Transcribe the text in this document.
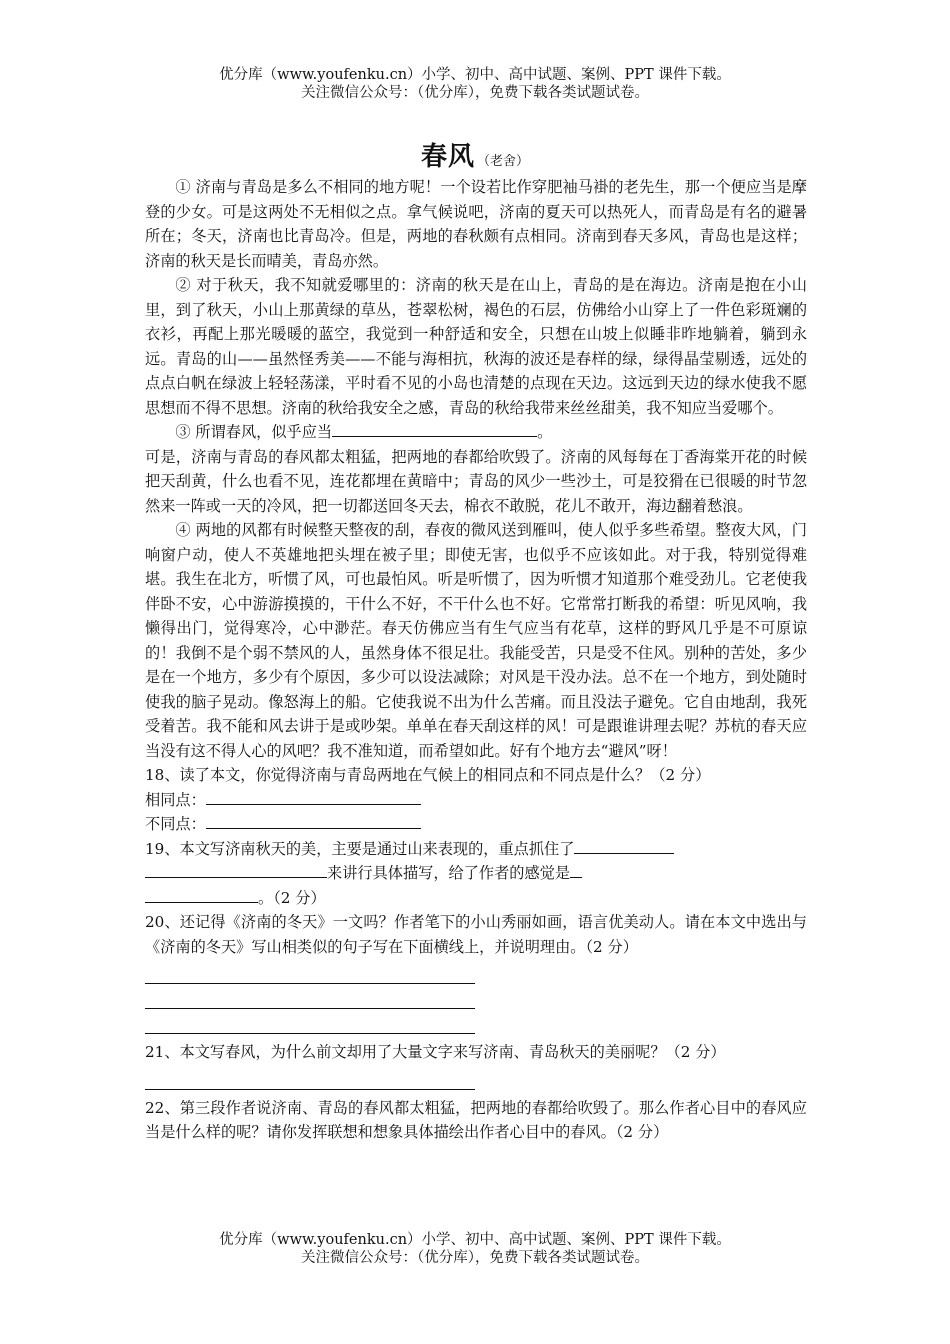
优分库（www.youfenku.cn）小学、初中、高中试题、案例、PPT 课件下载。
关注微信公众号：（优分库），免费下载各类试题试卷。
春风 （老舍）

① 济南与青岛是多么不相同的地方呢！一个设若比作穿肥袖马褂的老先生，那一个便应当是摩登的少女。可是这两处不无相似之点。拿气候说吧，济南的夏天可以热死人，而青岛是有名的避暑所在；冬天，济南也比青岛冷。但是，两地的春秋颇有点相同。济南到春天多风，青岛也是这样；济南的秋天是长而晴美，青岛亦然。

② 对于秋天，我不知就爱哪里的：济南的秋天是在山上，青岛的是在海边。济南是抱在小山里，到了秋天，小山上那黄绿的草丛，苍翠松树，褐色的石层，仿佛给小山穿上了一件色彩斑斓的衣衫，再配上那光暖暖的蓝空，我觉到一种舒适和安全，只想在山坡上似睡非昨地躺着，躺到永远。青岛的山——虽然怪秀美——不能与海相抗，秋海的波还是春样的绿，绿得晶莹剔透，远处的点点白帆在绿波上轻轻荡漾，平时看不见的小岛也清楚的点现在天边。这远到天边的绿水使我不愿思想而不得不思想。济南的秋给我安全之感，青岛的秋给我带来丝丝甜美，我不知应当爱哪个。

③ 所谓春风，似乎应当	。

可是，济南与青岛的春风都太粗猛，把两地的春都给吹毁了。济南的风每每在丁香海棠开花的时候把天刮黄，什么也看不见，连花都埋在黄暗中；青岛的风少一些沙土，可是狡猾在已很暖的时节忽然来一阵或一天的冷风，把一切都送回冬天去，棉衣不敢脱，花儿不敢开，海边翻着愁浪。

④ 两地的风都有时候整天整夜的刮，春夜的微风送到雁叫，使人似乎多些希望。整夜大风，门响窗户动，使人不英雄地把头埋在被子里；即使无害，也似乎不应该如此。对于我，特别觉得难堪。我生在北方，听惯了风，可也最怕风。听是听惯了，因为听惯才知道那个难受劲儿。它老使我伴卧不安，心中游游摸摸的，干什么不好，不干什么也不好。它常常打断我的希望：听见风响，我懒得出门，觉得寒冷，心中渺茫。春天仿佛应当有生气应当有花草，这样的野风几乎是不可原谅的！我倒不是个弱不禁风的人，虽然身体不很足壮。我能受苦，只是受不住风。别种的苦处，多少是在一个地方，多少有个原因，多少可以设法减除；对风是干没办法。总不在一个地方，到处随时使我的脑子晃动。像怒海上的船。它使我说不出为什么苦痛。而且没法子避免。它自由地刮，我死受着苦。我不能和风去讲于是或吵架。单单在春天刮这样的风！可是跟谁讲理去呢？苏杭的春天应当没有这不得人心的风吧？我不准知道，而希望如此。好有个地方去“避风”呀！

18、读了本文，你觉得济南与青岛两地在气候上的相同点和不同点是什么？（2 分）

相同点：

不同点：

19、本文写济南秋天的美，主要是通过山来表现的，重点抓住了
来讲行具体描写，给了作者的感觉是
。（2 分）

20、还记得《济南的冬天》一文吗？作者笔下的小山秀丽如画，语言优美动人。请在本文中选出与《济南的冬天》写山相类似的句子写在下面横线上，并说明理由。（2 分）

21、本文写春风，为什么前文却用了大量文字来写济南、青岛秋天的美丽呢？（2 分）

22、第三段作者说济南、青岛的春风都太粗猛，把两地的春都给吹毁了。那么作者心目中的春风应当是什么样的呢？请你发挥联想和想象具体描绘出作者心目中的春风。（2 分）

优分库（www.youfenku.cn）小学、初中、高中试题、案例、PPT 课件下载。
关注微信公众号：（优分库），免费下载各类试题试卷。
